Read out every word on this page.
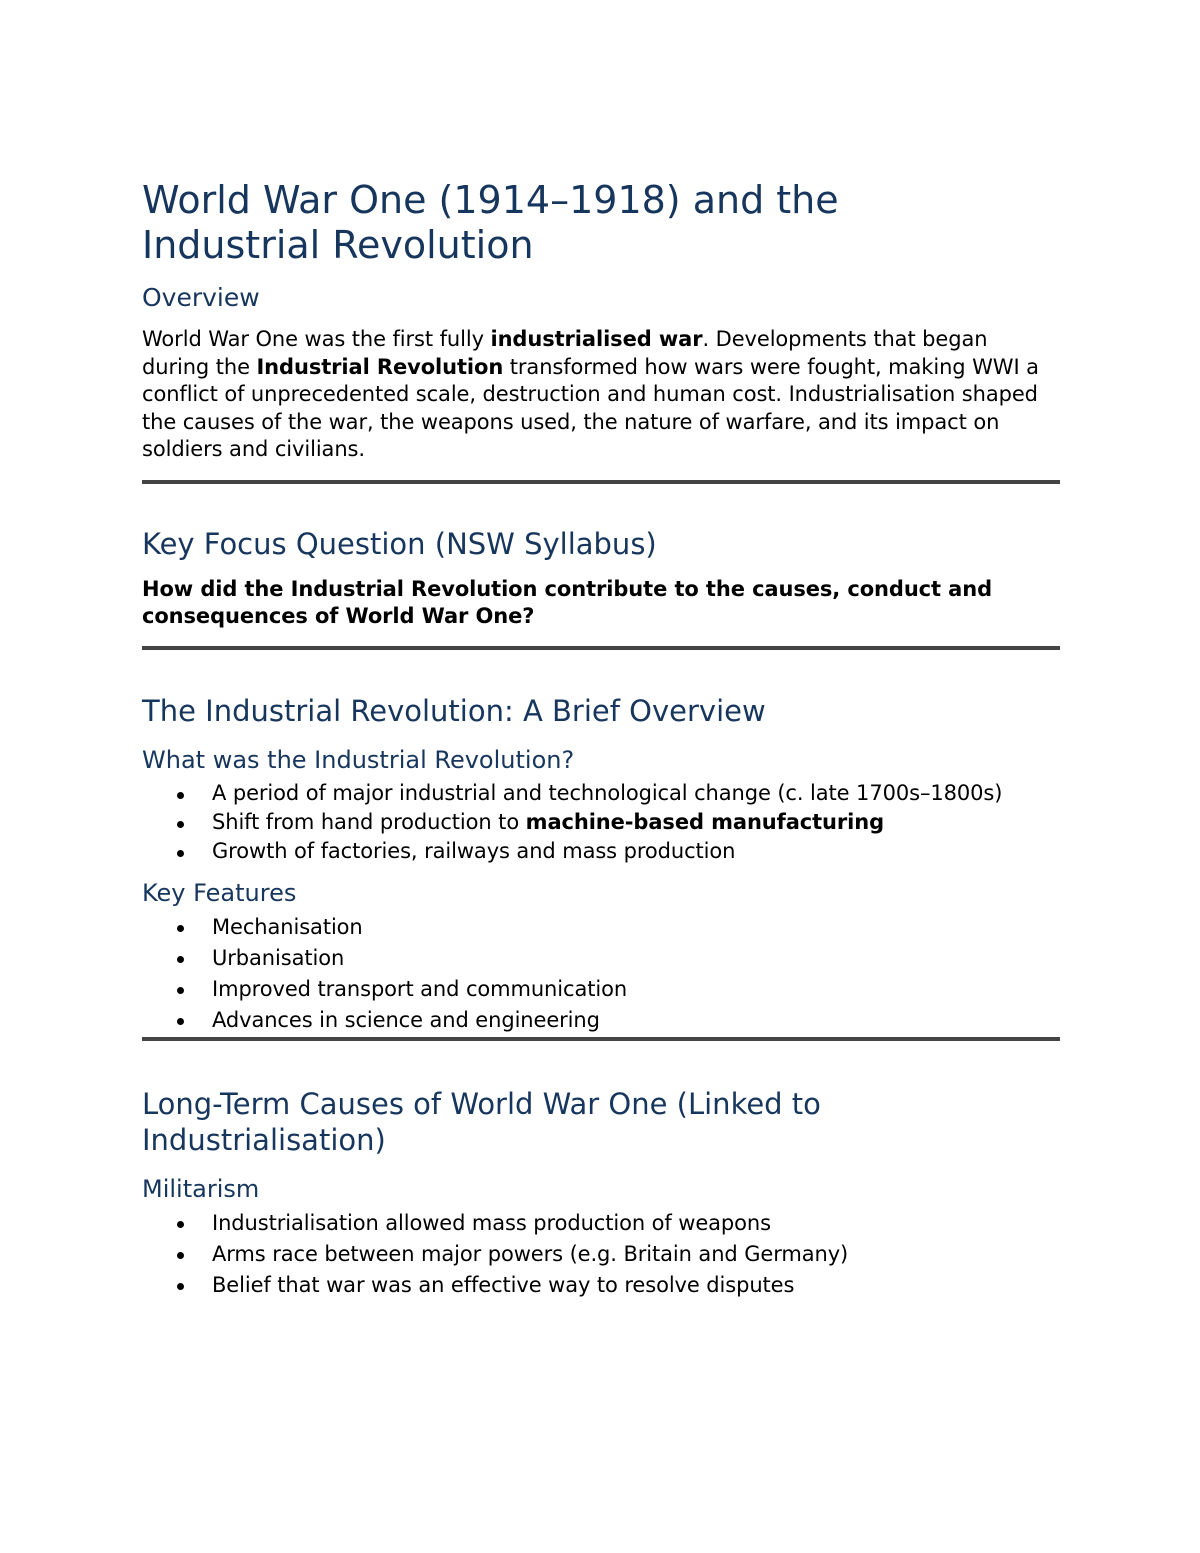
World War One (1914–1918) and the Industrial Revolution
Overview

World War One was the first fully industrialised war. Developments that began during the Industrial Revolution transformed how wars were fought, making WWI a conflict of unprecedented scale, destruction and human cost. Industrialisation shaped the causes of the war, the weapons used, the nature of warfare, and its impact on soldiers and civilians.

Key Focus Question (NSW Syllabus)

How did the Industrial Revolution contribute to the causes, conduct and consequences of World War One?

The Industrial Revolution: A Brief Overview
What was the Industrial Revolution?
A period of major industrial and technological change (c. late 1700s–1800s)
Shift from hand production to machine-based manufacturing
Growth of factories, railways and mass production
Key Features
Mechanisation
Urbanisation
Improved transport and communication
Advances in science and engineering
Long-Term Causes of World War One (Linked to Industrialisation)
Militarism
Industrialisation allowed mass production of weapons
Arms race between major powers (e.g. Britain and Germany)
Belief that war was an effective way to resolve disputes
